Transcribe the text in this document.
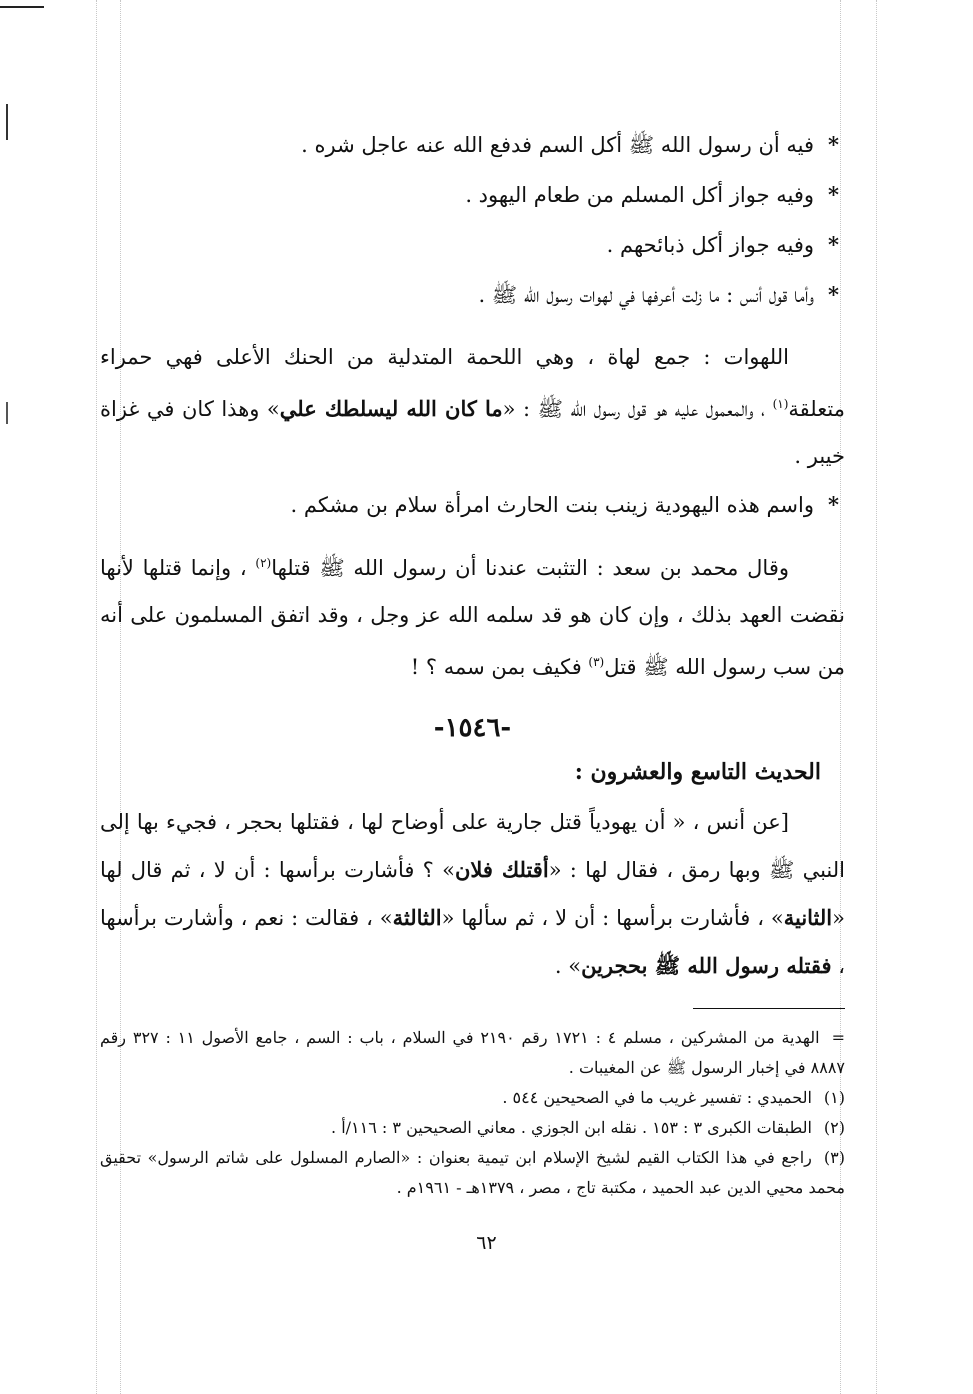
*فيه أن رسول الله ﷺ أكل السم فدفع الله عنه عاجل شره .
*وفيه جواز أكل المسلم من طعام اليهود .
*وفيه جواز أكل ذبائحهم .
*وأما قول أنس : ما زلت أعرفها في لهوات رسول الله ﷺ .

اللهوات : جمع لهاة ، وهي اللحمة المتدلية من الحنك الأعلى فهي حمراء متعلقة$^{(١)}$ ، والمعمول عليه هو قول رسول الله ﷺ : «ما كان الله ليسلطك علي» وهذا كان في غزاة خيبر .

*واسم هذه اليهودية زينب بنت الحارث امرأة سلام بن مشكم .

وقال محمد بن سعد : التثبت عندنا أن رسول الله ﷺ قتلها$^{(٢)}$ ، وإنما قتلها لأنها نقضت العهد بذلك ، وإن كان هو قد سلمه الله عز وجل ، وقد اتفق المسلمون على أنه من سب رسول الله ﷺ قتل$^{(٣)}$ فكيف بمن سمه ؟ !

-١٥٤٦-
الحديث التاسع والعشرون :

[عن أنس ، « أن يهودياً قتل جارية على أوضاح لها ، فقتلها بحجر ، فجيء بها إلى النبي ﷺ وبها رمق ، فقال لها : «أقتلك فلان» ؟ فأشارت برأسها : أن لا ، ثم قال لها «الثانية» ، فأشارت برأسها : أن لا ، ثم سألها «الثالثة» ، فقالت : نعم ، وأشارت برأسها ، فقتله رسول الله ﷺ بحجرين» .

=الهدية من المشركين ، مسلم ٤ : ١٧٢١ رقم ٢١٩٠ في السلام ، باب : السم ، جامع الأصول ١١ : ٣٢٧ رقم ٨٨٨٧ في إخبار الرسول ﷺ عن المغيبات .
(١)الحميدي : تفسير غريب ما في الصحيحين ٥٤٤ .
(٢)الطبقات الكبرى ٣ : ١٥٣ . نقله ابن الجوزي . معاني الصحيحين ٣ : ١١٦/أ .
(٣)راجع في هذا الكتاب القيم لشيخ الإسلام ابن تيمية بعنوان : «الصارم المسلول على شاتم الرسول» تحقيق محمد محيي الدين عبد الحميد ، مكتبة تاج ، مصر ، ١٣٧٩هـ - ١٩٦١م .
٦٢
